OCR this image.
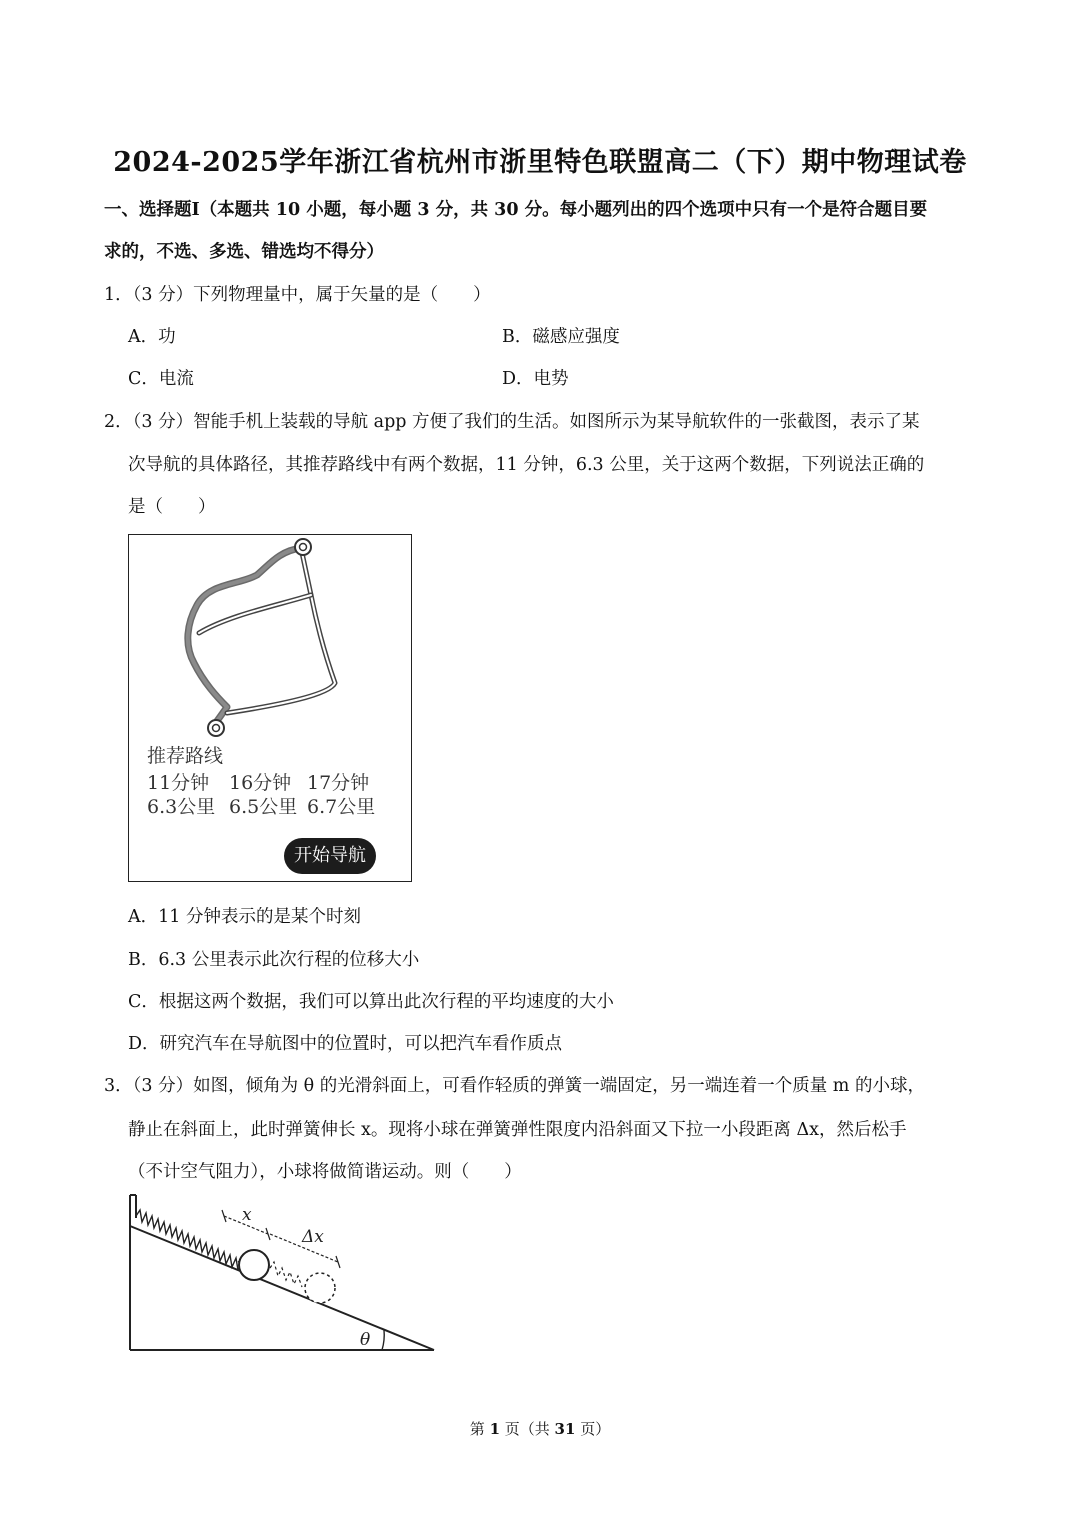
2024-2025学年浙江省杭州市浙里特色联盟高二（下）期中物理试卷
一、选择题Ⅰ（本题共 10 小题，每小题 3 分，共 30 分。每小题列出的四个选项中只有一个是符合题目要
求的，不选、多选、错选均不得分）
1．（3 分）下列物理量中，属于矢量的是（　　）
A．功	B．磁感应强度
C．电流	D．电势
2．（3 分）智能手机上装载的导航 app 方便了我们的生活。如图所示为某导航软件的一张截图，表示了某
次导航的具体路径，其推荐路线中有两个数据，11 分钟，6.3 公里，关于这两个数据，下列说法正确的
是（　　）
推荐路线
11分钟 16分钟 17分钟
6.3公里 6.5公里 6.7公里
开始导航
A．11 分钟表示的是某个时刻
B．6.3 公里表示此次行程的位移大小
C．根据这两个数据，我们可以算出此次行程的平均速度的大小
D．研究汽车在导航图中的位置时，可以把汽车看作质点
3．（3 分）如图，倾角为 θ 的光滑斜面上，可看作轻质的弹簧一端固定，另一端连着一个质量 m 的小球，
静止在斜面上，此时弹簧伸长 x。现将小球在弹簧弹性限度内沿斜面又下拉一小段距离 Δx，然后松手
（不计空气阻力），小球将做简谐运动。则（　　）
x
Δx
θ
第 1 页（共 31 页）
